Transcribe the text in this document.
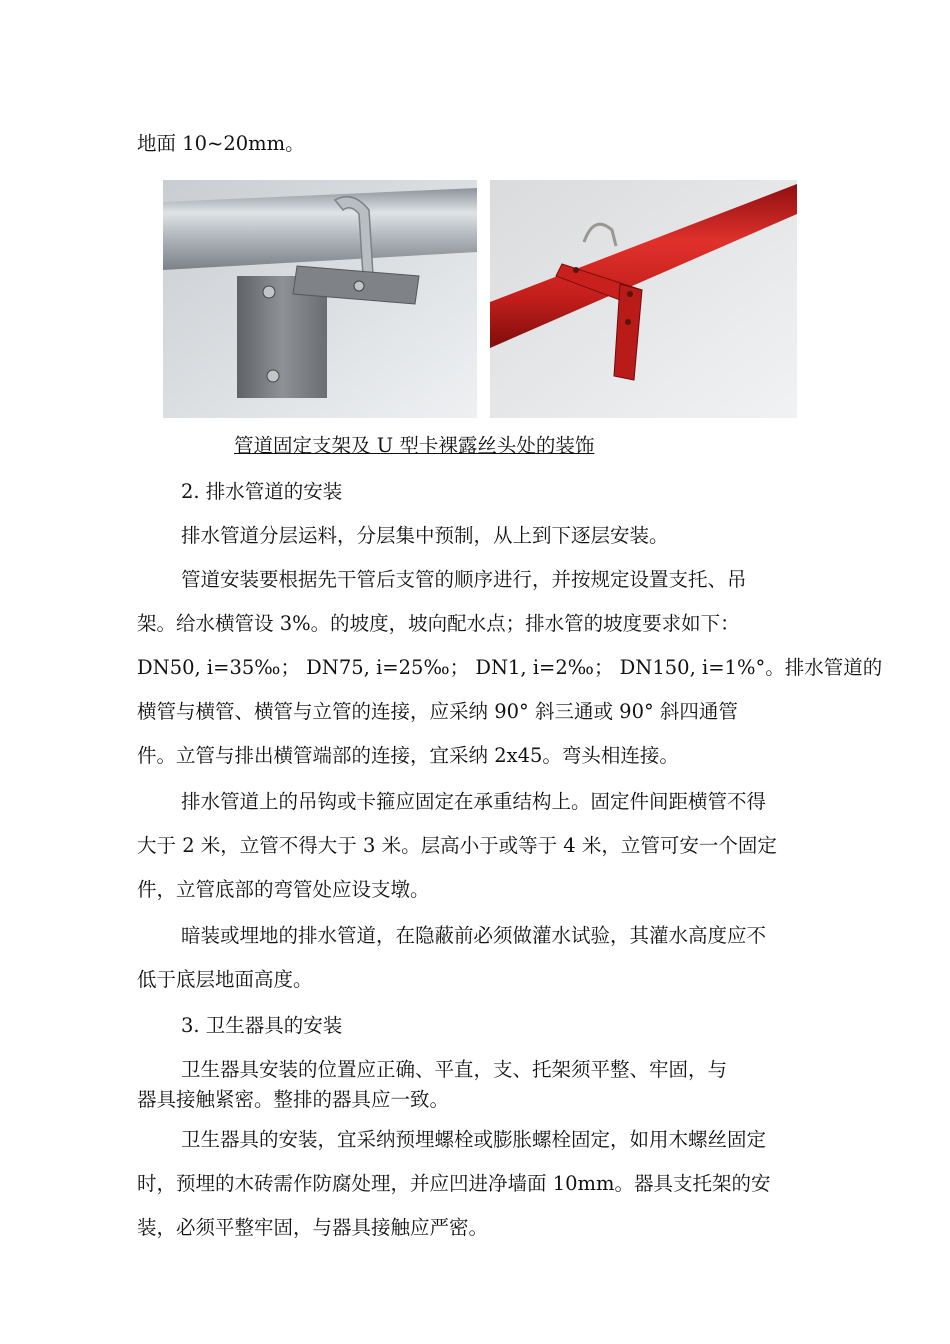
地面 10~20mm。
管道固定支架及 U 型卡裸露丝头处的装饰
2. 排水管道的安装
排水管道分层运料，分层集中预制，从上到下逐层安装。
管道安装要根据先干管后支管的顺序进行，并按规定设置支托、吊
架。给水横管设 3%。的坡度，坡向配水点；排水管的坡度要求如下：
DN50, i=35‰； DN75, i=25‰； DN1, i=2‰； DN150, i=1%°。排水管道的
横管与横管、横管与立管的连接，应采纳 90° 斜三通或 90° 斜四通管
件。立管与排出横管端部的连接，宜采纳 2x45。弯头相连接。
排水管道上的吊钩或卡箍应固定在承重结构上。固定件间距横管不得
大于 2 米，立管不得大于 3 米。层高小于或等于 4 米，立管可安一个固定
件，立管底部的弯管处应设支墩。
暗装或埋地的排水管道，在隐蔽前必须做灌水试验，其灌水高度应不
低于底层地面高度。
3. 卫生器具的安装
卫生器具安装的位置应正确、平直，支、托架须平整、牢固，与
器具接触紧密。整排的器具应一致。
卫生器具的安装，宜采纳预埋螺栓或膨胀螺栓固定，如用木螺丝固定
时，预埋的木砖需作防腐处理，并应凹进净墙面 10mm。器具支托架的安
装，必须平整牢固，与器具接触应严密。
